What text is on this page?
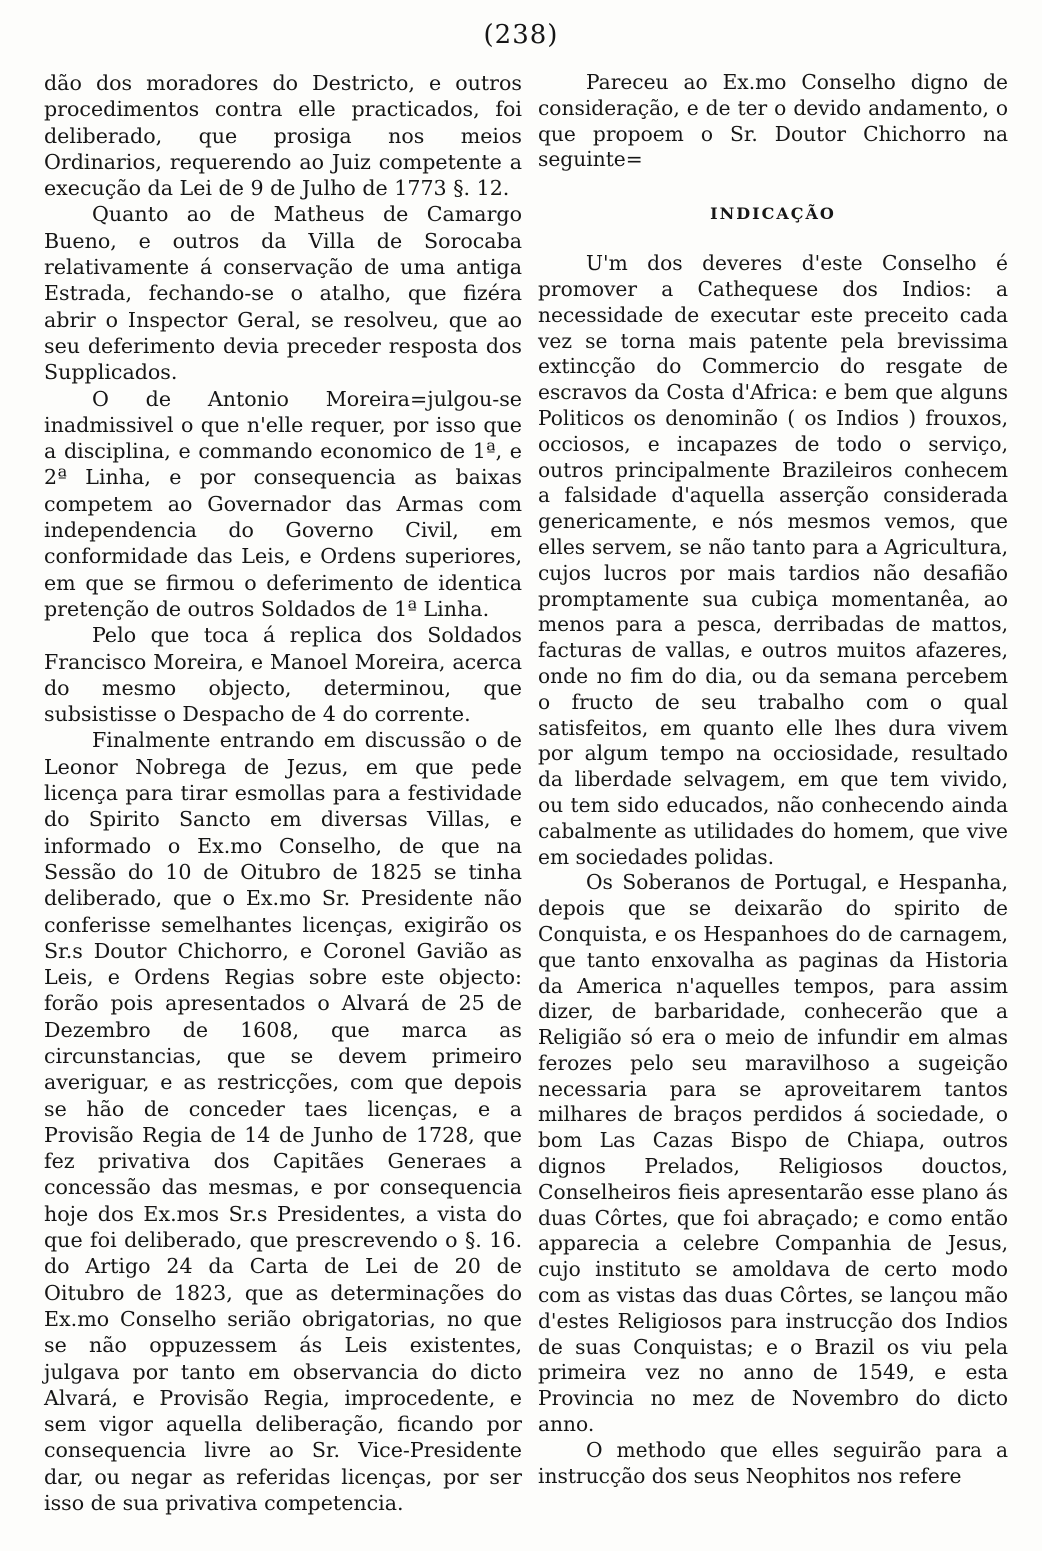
(238)

dão dos moradores do Destricto, e outros procedimentos contra elle practicados, foi deliberado, que prosiga nos meios Ordinarios, requerendo ao Juiz competente a execução da Lei de 9 de Julho de 1773 §. 12.

Quanto ao de Matheus de Camargo Bueno, e outros da Villa de Sorocaba relativamente á conservação de uma antiga Estrada, fechando-se o atalho, que fizéra abrir o Inspector Geral, se resolveu, que ao seu deferimento devia preceder resposta dos Supplicados.

O de Antonio Moreira=julgou-se inadmissivel o que n'elle requer, por isso que a disciplina, e commando economico de 1ª, e 2ª Linha, e por consequencia as baixas competem ao Governador das Armas com independencia do Governo Civil, em conformidade das Leis, e Ordens superiores, em que se firmou o deferimento de identica pretenção de outros Soldados de 1ª Linha.

Pelo que toca á replica dos Soldados Francisco Moreira, e Manoel Moreira, acerca do mesmo objecto, determinou, que subsistisse o Despacho de 4 do corrente.

Finalmente entrando em discussão o de Leonor Nobrega de Jezus, em que pede licença para tirar esmollas para a festividade do Spirito Sancto em diversas Villas, e informado o Ex.mo Conselho, de que na Sessão do 10 de Oitubro de 1825 se tinha deliberado, que o Ex.mo Sr. Presidente não conferisse semelhantes licenças, exigirão os Sr.s Doutor Chichorro, e Coronel Gavião as Leis, e Ordens Regias sobre este objecto: forão pois apresentados o Alvará de 25 de Dezembro de 1608, que marca as circunstancias, que se devem primeiro averiguar, e as restricções, com que depois se hão de conceder taes licenças, e a Provisão Regia de 14 de Junho de 1728, que fez privativa dos Capitães Generaes a concessão das mesmas, e por consequencia hoje dos Ex.mos Sr.s Presidentes, a vista do que foi deliberado, que prescrevendo o §. 16. do Artigo 24 da Carta de Lei de 20 de Oitubro de 1823, que as determinações do Ex.mo Conselho serião obrigatorias, no que se não oppuzessem ás Leis existentes, julgava por tanto em observancia do dicto Alvará, e Provisão Regia, improcedente, e sem vigor aquella deliberação, ficando por consequencia livre ao Sr. Vice-Presidente dar, ou negar as referidas licenças, por ser isso de sua privativa competencia.

Pareceu ao Ex.mo Conselho digno de consideração, e de ter o devido andamento, o que propoem o Sr. Doutor Chichorro na seguinte=

INDICAÇÃO

U'm dos deveres d'este Conselho é promover a Cathequese dos Indios: a necessidade de executar este preceito cada vez se torna mais patente pela brevissima extincção do Commercio do resgate de escravos da Costa d'Africa: e bem que alguns Politicos os denominão ( os Indios ) frouxos, occiosos, e incapazes de todo o serviço, outros principalmente Brazileiros conhecem a falsidade d'aquella asserção considerada genericamente, e nós mesmos vemos, que elles servem, se não tanto para a Agricultura, cujos lucros por mais tardios não desafião promptamente sua cubiça momentanêa, ao menos para a pesca, derribadas de mattos, facturas de vallas, e outros muitos afazeres, onde no fim do dia, ou da semana percebem o fructo de seu trabalho com o qual satisfeitos, em quanto elle lhes dura vivem por algum tempo na occiosidade, resultado da liberdade selvagem, em que tem vivido, ou tem sido educados, não conhecendo ainda cabalmente as utilidades do homem, que vive em sociedades polidas.

Os Soberanos de Portugal, e Hespanha, depois que se deixarão do spirito de Conquista, e os Hespanhoes do de carnagem, que tanto enxovalha as paginas da Historia da America n'aquelles tempos, para assim dizer, de barbaridade, conhecerão que a Religião só era o meio de infundir em almas ferozes pelo seu maravilhoso a sugeição necessaria para se aproveitarem tantos milhares de braços perdidos á sociedade, o bom Las Cazas Bispo de Chiapa, outros dignos Prelados, Religiosos douctos, Conselheiros fieis apresentarão esse plano ás duas Côrtes, que foi abraçado; e como então apparecia a celebre Companhia de Jesus, cujo instituto se amoldava de certo modo com as vistas das duas Côrtes, se lançou mão d'estes Religiosos para instrucção dos Indios de suas Conquistas; e o Brazil os viu pela primeira vez no anno de 1549, e esta Provincia no mez de Novembro do dicto anno.

O methodo que elles seguirão para a instrucção dos seus Neophitos nos refere
